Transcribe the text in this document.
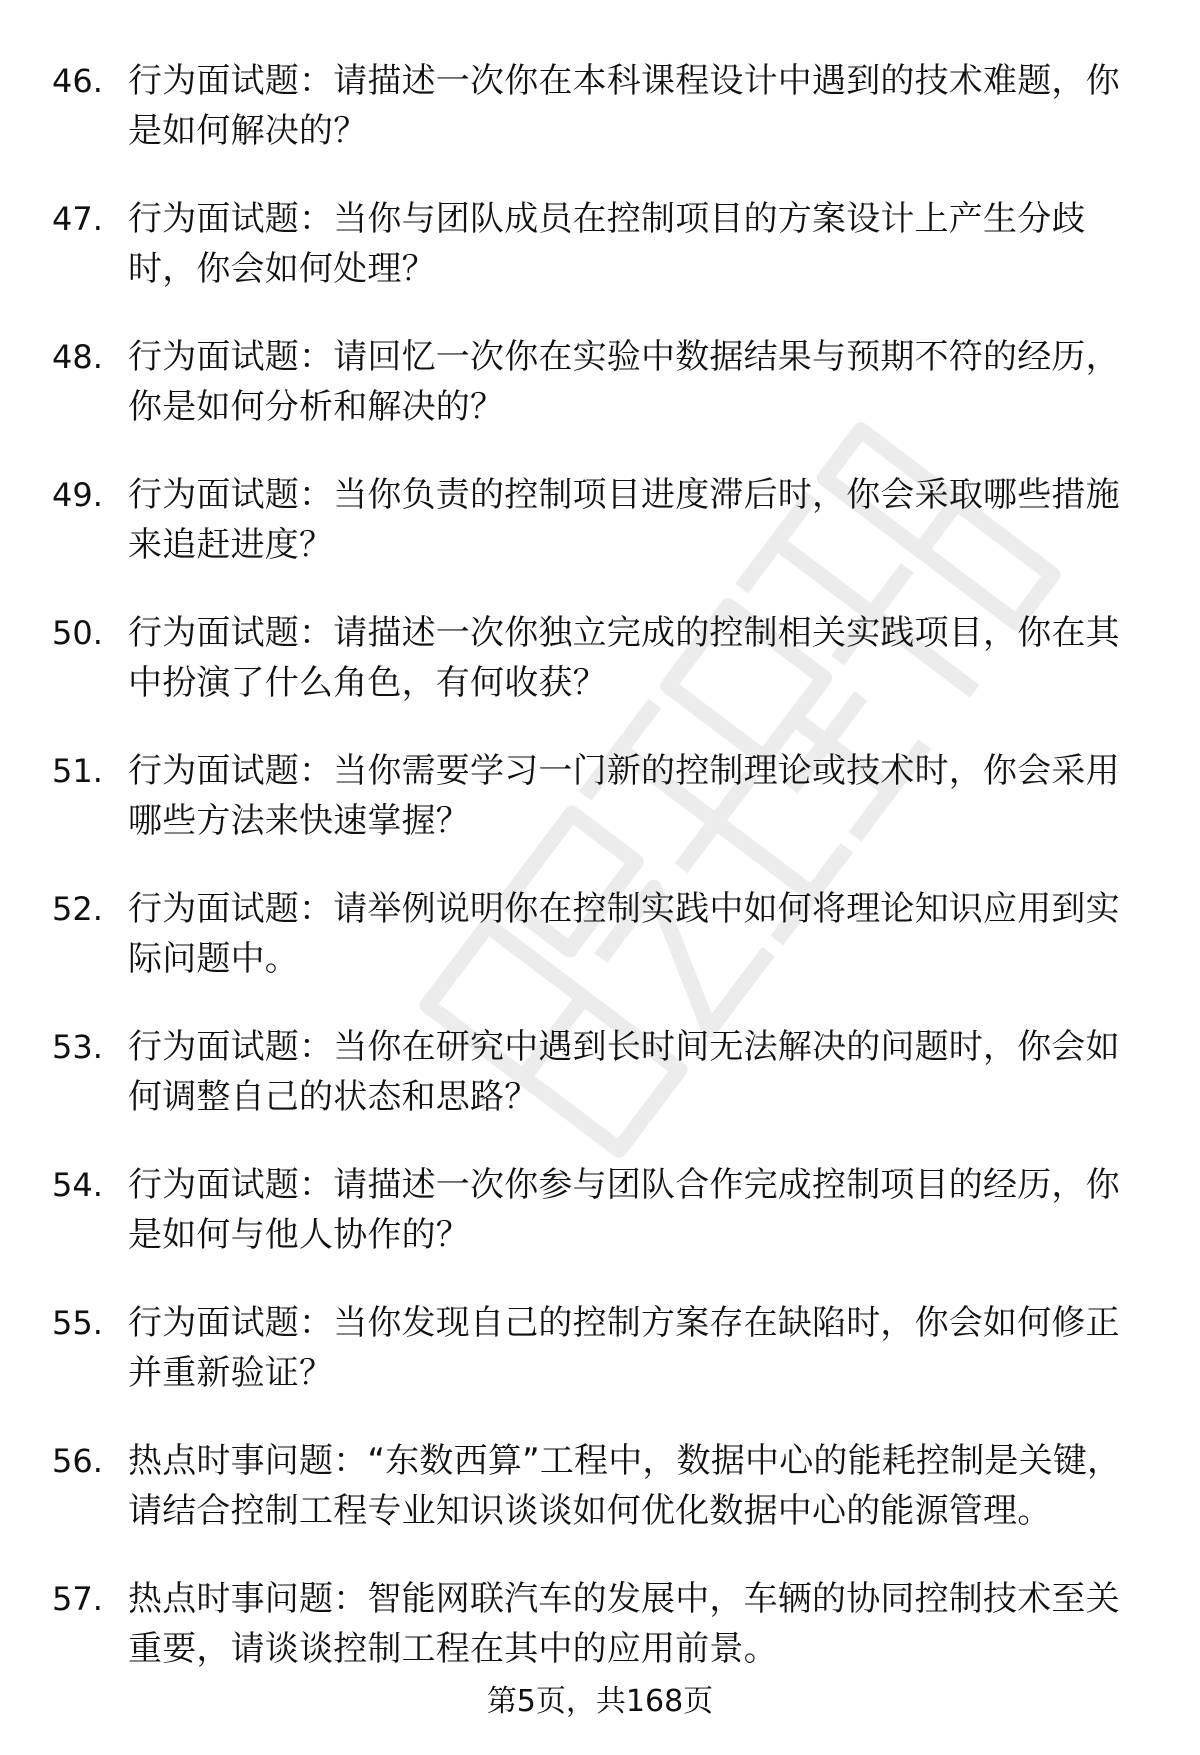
46. 行为面试题：请描述一次你在本科课程设计中遇到的技术难题，你是如何解决的？
47. 行为面试题：当你与团队成员在控制项目的方案设计上产生分歧时，你会如何处理？
48. 行为面试题：请回忆一次你在实验中数据结果与预期不符的经历，你是如何分析和解决的？
49. 行为面试题：当你负责的控制项目进度滞后时，你会采取哪些措施来追赶进度？
50. 行为面试题：请描述一次你独立完成的控制相关实践项目，你在其中扮演了什么角色，有何收获？
51. 行为面试题：当你需要学习一门新的控制理论或技术时，你会采用哪些方法来快速掌握？
52. 行为面试题：请举例说明你在控制实践中如何将理论知识应用到实际问题中。
53. 行为面试题：当你在研究中遇到长时间无法解决的问题时，你会如何调整自己的状态和思路？
54. 行为面试题：请描述一次你参与团队合作完成控制项目的经历，你是如何与他人协作的？
55. 行为面试题：当你发现自己的控制方案存在缺陷时，你会如何修正并重新验证？
56. 热点时事问题：“东数西算”工程中，数据中心的能耗控制是关键，请结合控制工程专业知识谈谈如何优化数据中心的能源管理。
57. 热点时事问题：智能网联汽车的发展中，车辆的协同控制技术至关重要，请谈谈控制工程在其中的应用前景。
第5页，共168页
